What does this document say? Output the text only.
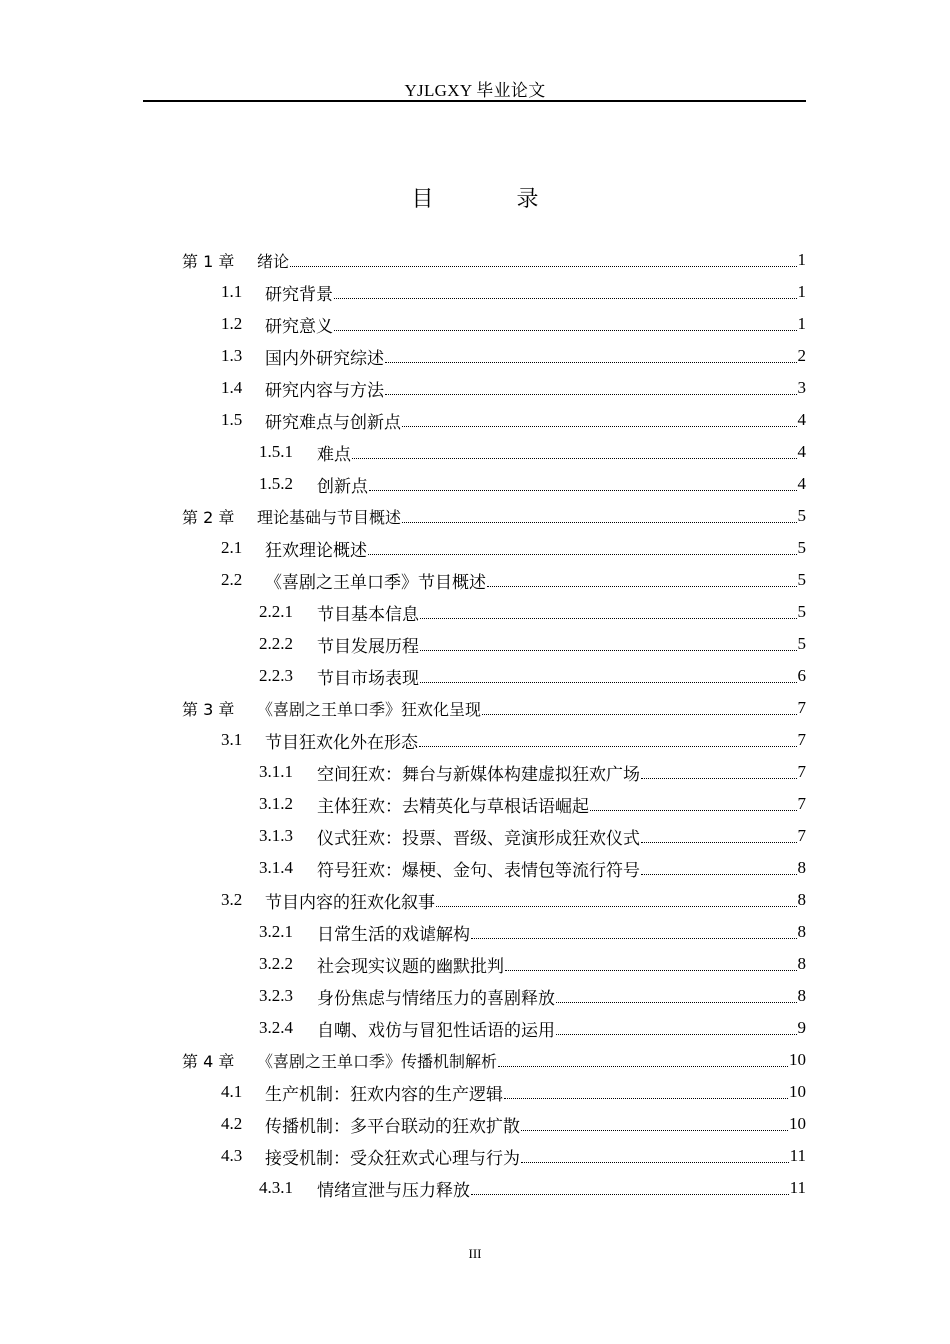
YJLGXY 毕业论文
目 录
第 1 章	绪论	1
1.1	研究背景	1
1.2	研究意义	1
1.3	国内外研究综述	2
1.4	研究内容与方法	3
1.5	研究难点与创新点	4
1.5.1	难点	4
1.5.2	创新点	4
第 2 章	理论基础与节目概述	5
2.1	狂欢理论概述	5
2.2	《喜剧之王单口季》节目概述	5
2.2.1	节目基本信息	5
2.2.2	节目发展历程	5
2.2.3	节目市场表现	6
第 3 章	《喜剧之王单口季》狂欢化呈现	7
3.1	节目狂欢化外在形态	7
3.1.1	空间狂欢：舞台与新媒体构建虚拟狂欢广场	7
3.1.2	主体狂欢：去精英化与草根话语崛起	7
3.1.3	仪式狂欢：投票、晋级、竞演形成狂欢仪式	7
3.1.4	符号狂欢：爆梗、金句、表情包等流行符号	8
3.2	节目内容的狂欢化叙事	8
3.2.1	日常生活的戏谑解构	8
3.2.2	社会现实议题的幽默批判	8
3.2.3	身份焦虑与情绪压力的喜剧释放	8
3.2.4	自嘲、戏仿与冒犯性话语的运用	9
第 4 章	《喜剧之王单口季》传播机制解析	10
4.1	生产机制：狂欢内容的生产逻辑	10
4.2	传播机制：多平台联动的狂欢扩散	10
4.3	接受机制：受众狂欢式心理与行为	11
4.3.1	情绪宣泄与压力释放	11
III
